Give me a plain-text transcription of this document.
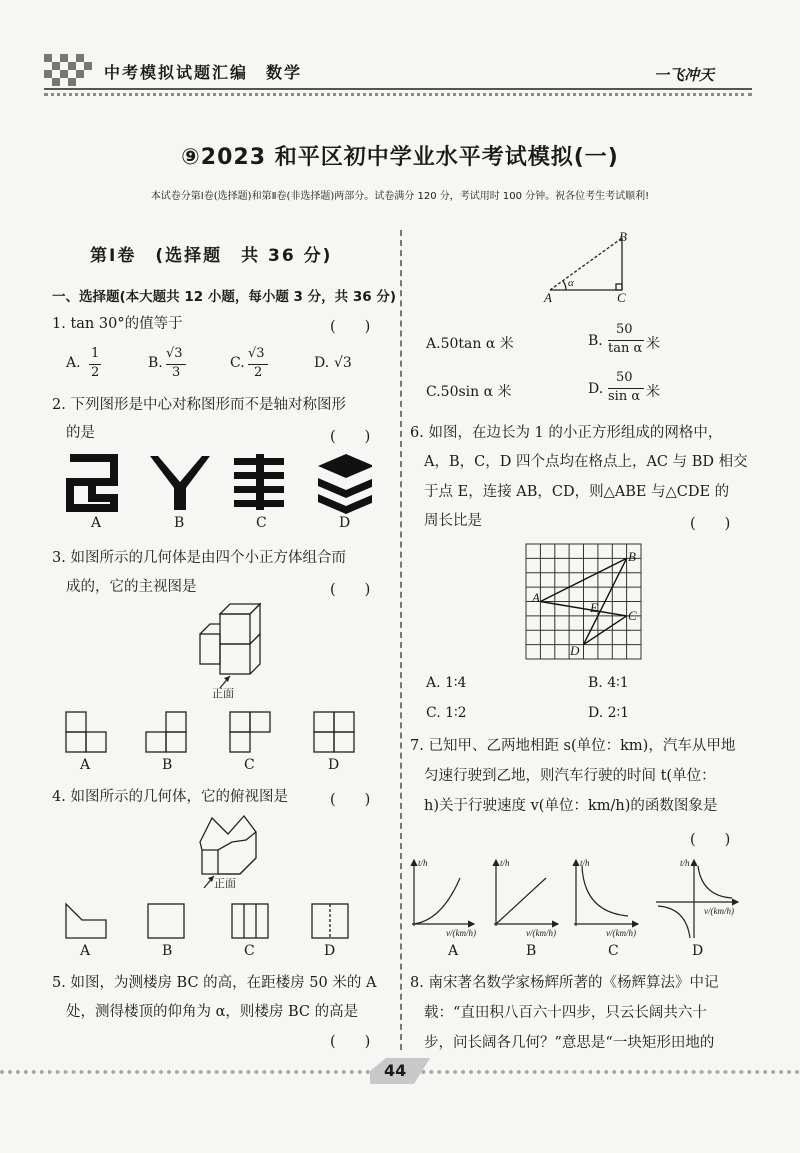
中考模拟试题汇编　数学	一飞冲天
⑨2023 和平区初中学业水平考试模拟(一)
本试卷分第Ⅰ卷(选择题)和第Ⅱ卷(非选择题)两部分。试卷满分 120 分，考试用时 100 分钟。祝各位考生考试顺利!
第Ⅰ卷　(选择题　共 36 分)
一、选择题(本大题共 12 小题，每小题 3 分，共 36 分)
1. tan 30°的值等于	(　　)
A.
1
2
B.
√3
3
C.
√3
2
D. √3
2. 下列图形是中心对称图形而不是轴对称图形
的是	(　　)
A	B	C	D
3. 如图所示的几何体是由四个小正方体组合而
成的，它的主视图是	(　　)
正面
A	B	C	D
4. 如图所示的几何体，它的俯视图是	(　　)
正面
A	B	C	D
5. 如图，为测楼房 BC 的高，在距楼房 50 米的 A
处，测得楼顶的仰角为 α，则楼房 BC 的高是
(　　)
A
B
C
α
A.50tan α 米	B.
50
tan α 米
C.50sin α 米	D.
50
sin α 米
6. 如图，在边长为 1 的小正方形组成的网格中，
A，B，C，D 四个点均在格点上，AC 与 BD 相交
于点 E，连接 AB，CD，则△ABE 与△CDE 的
周长比是	(　　)
A
B
C
D
E
A. 1∶4	B. 4∶1
C. 1∶2	D. 2∶1
7. 已知甲、乙两地相距 s(单位：km)，汽车从甲地
匀速行驶到乙地，则汽车行驶的时间 t(单位：
h)关于行驶速度 v(单位：km/h)的函数图象是
(　　)
t/h
v/(km/h)
t/h
v/(km/h)
t/h
v/(km/h)
t/h
v/(km/h)
A	B	C	D
8. 南宋著名数学家杨辉所著的《杨辉算法》中记
载：“直田积八百六十四步，只云长阔共六十
步，问长阔各几何？”意思是“一块矩形田地的
44
